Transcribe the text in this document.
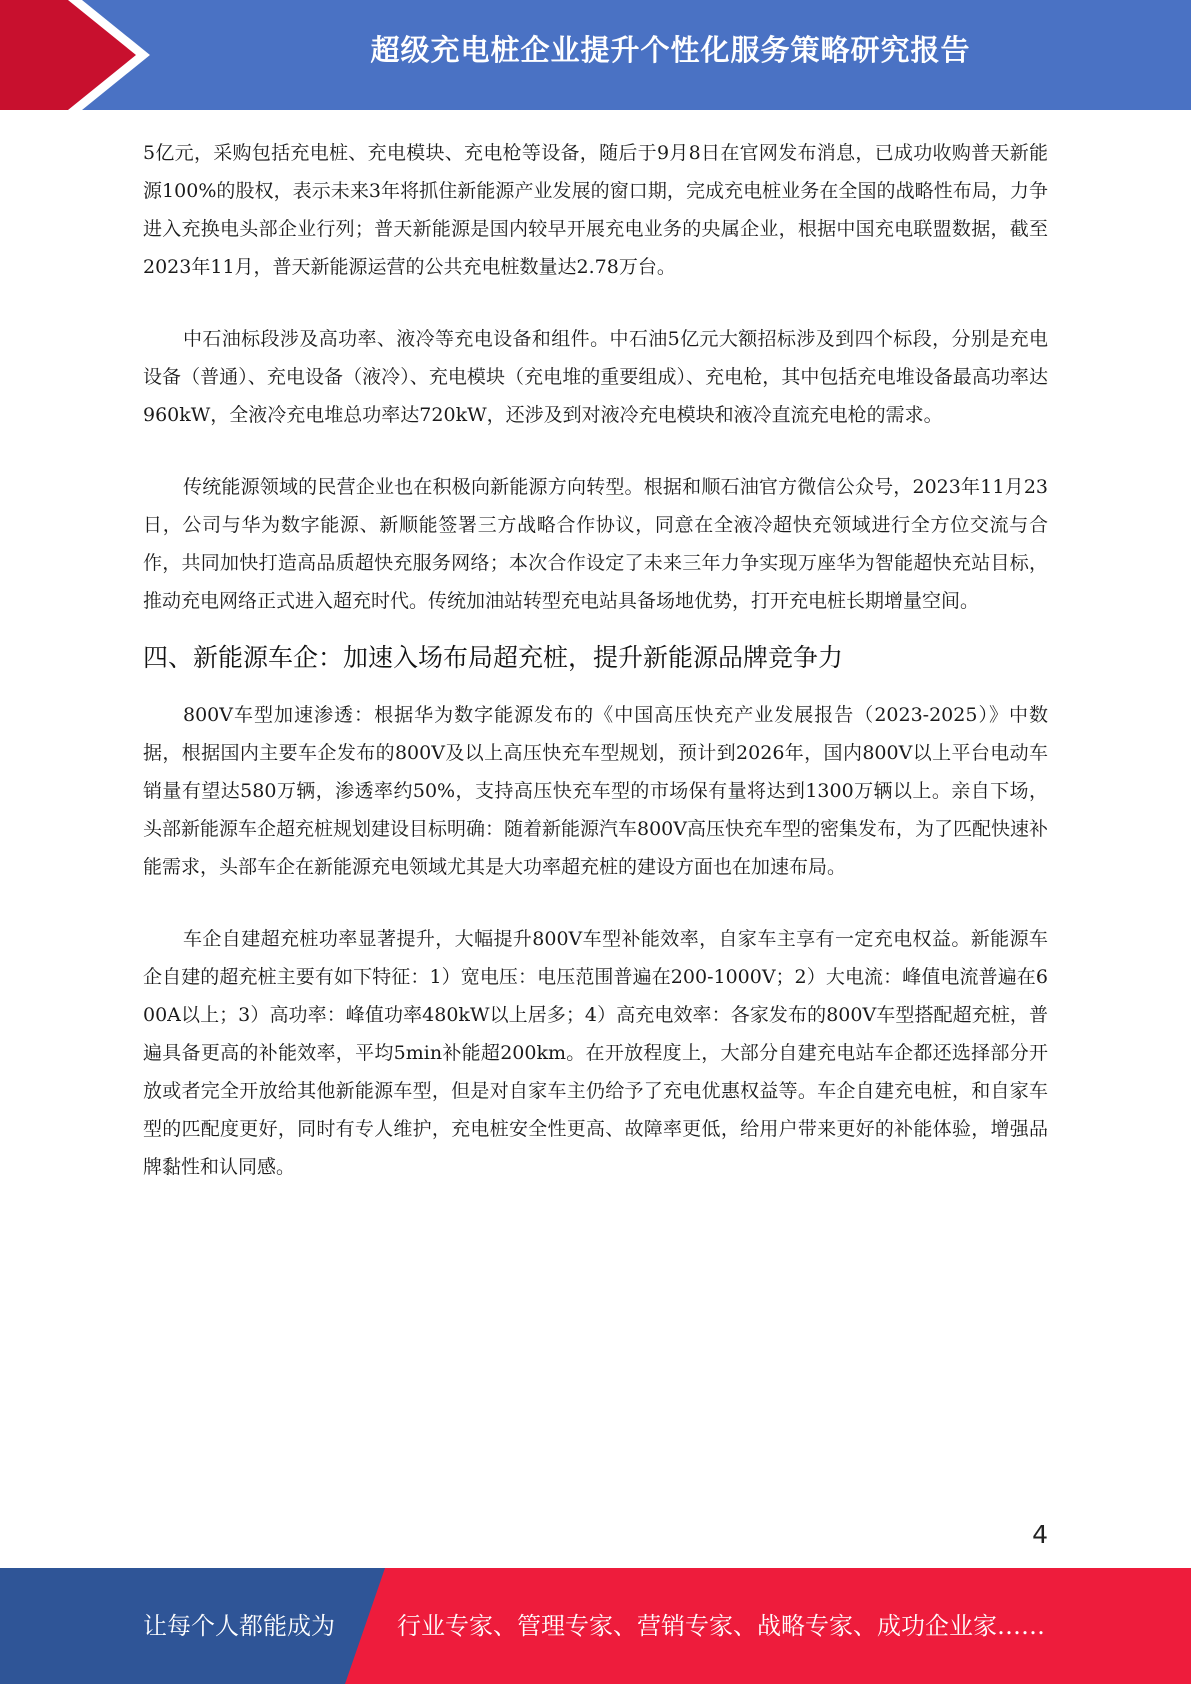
超级充电桩企业提升个性化服务策略研究报告

5亿元，采购包括充电桩、充电模块、充电枪等设备，随后于9月8日在官网发布消息，已成功收购普天新能源100%的股权，表示未来3年将抓住新能源产业发展的窗口期，完成充电桩业务在全国的战略性布局，力争进入充换电头部企业行列；普天新能源是国内较早开展充电业务的央属企业，根据中国充电联盟数据，截至2023年11月，普天新能源运营的公共充电桩数量达2.78万台。

中石油标段涉及高功率、液冷等充电设备和组件。中石油5亿元大额招标涉及到四个标段，分别是充电设备（普通）、充电设备（液冷）、充电模块（充电堆的重要组成）、充电枪，其中包括充电堆设备最高功率达960kW，全液冷充电堆总功率达720kW，还涉及到对液冷充电模块和液冷直流充电枪的需求。

传统能源领域的民营企业也在积极向新能源方向转型。根据和顺石油官方微信公众号，2023年11月23日，公司与华为数字能源、新顺能签署三方战略合作协议，同意在全液冷超快充领域进行全方位交流与合作，共同加快打造高品质超快充服务网络；本次合作设定了未来三年力争实现万座华为智能超快充站目标，推动充电网络正式进入超充时代。传统加油站转型充电站具备场地优势，打开充电桩长期增量空间。

四、新能源车企：加速入场布局超充桩，提升新能源品牌竞争力

800V车型加速渗透：根据华为数字能源发布的《中国高压快充产业发展报告（2023-2025）》中数据，根据国内主要车企发布的800V及以上高压快充车型规划，预计到2026年，国内800V以上平台电动车销量有望达580万辆，渗透率约50%，支持高压快充车型的市场保有量将达到1300万辆以上。亲自下场，头部新能源车企超充桩规划建设目标明确：随着新能源汽车800V高压快充车型的密集发布，为了匹配快速补能需求，头部车企在新能源充电领域尤其是大功率超充桩的建设方面也在加速布局。

车企自建超充桩功率显著提升，大幅提升800V车型补能效率，自家车主享有一定充电权益。新能源车企自建的超充桩主要有如下特征：1）宽电压：电压范围普遍在200-1000V；2）大电流：峰值电流普遍在600A以上；3）高功率：峰值功率480kW以上居多；4）高充电效率：各家发布的800V车型搭配超充桩，普遍具备更高的补能效率，平均5min补能超200km。在开放程度上，大部分自建充电站车企都还选择部分开放或者完全开放给其他新能源车型，但是对自家车主仍给予了充电优惠权益等。车企自建充电桩，和自家车型的匹配度更好，同时有专人维护，充电桩安全性更高、故障率更低，给用户带来更好的补能体验，增强品牌黏性和认同感。

4
让每个人都能成为	行业专家、管理专家、营销专家、战略专家、成功企业家……
